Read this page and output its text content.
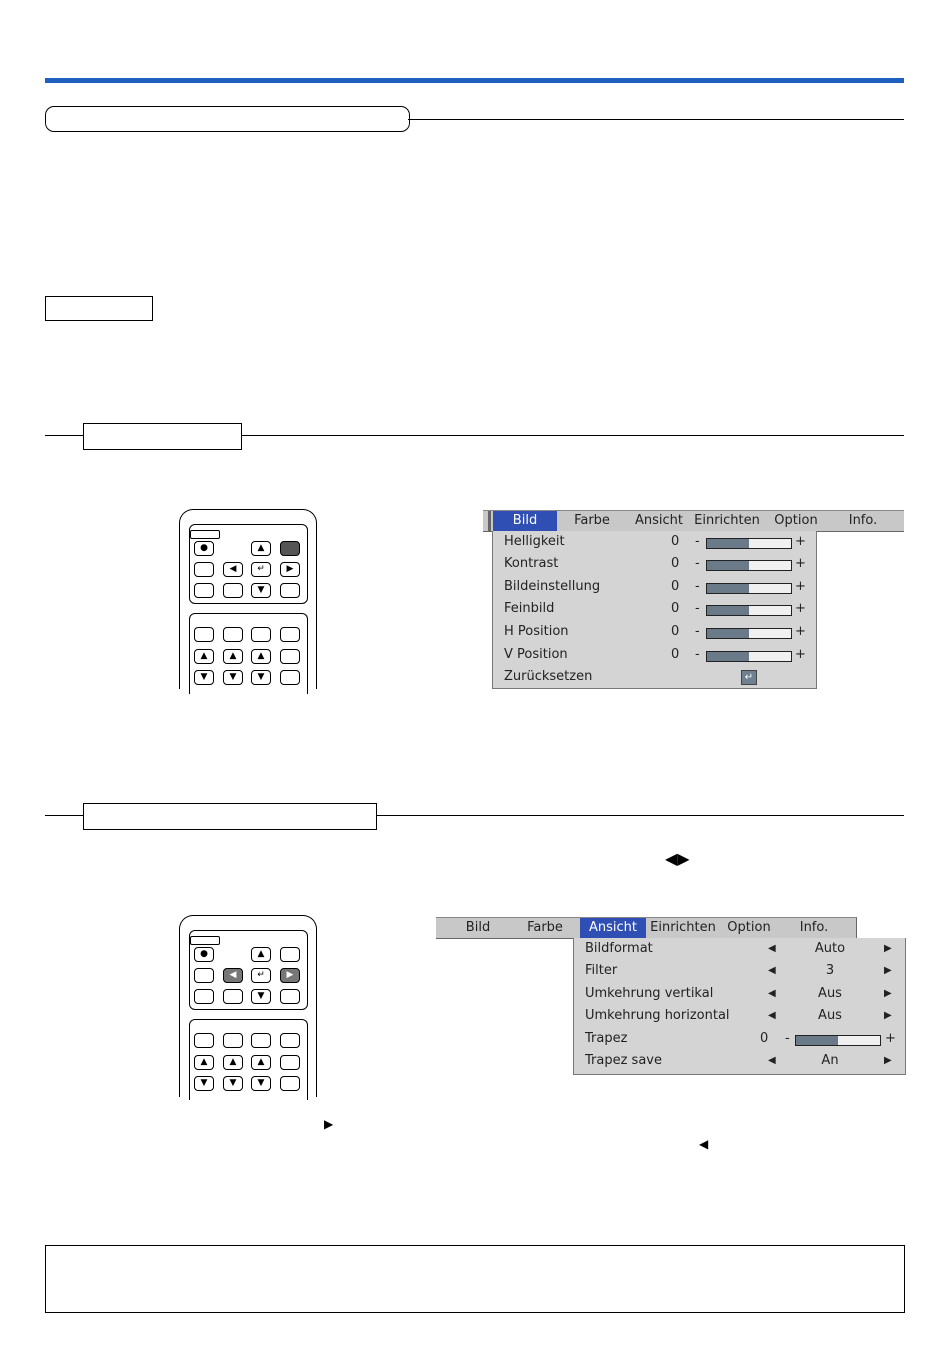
●	▲
◀	↵	▶
▼
▲	▲	▲
▼	▼	▼
Bild	Farbe	Ansicht Einrichten	Option	Info.
Helligkeit	0 -	+
Kontrast	0 -	+
Bildeinstellung	0 -	+
Feinbild	0 -	+
H Position	0 -	+
V Position	0 -	+
Zurücksetzen	↵
◀▶
●	▲
◀	↵	▶
▼
▲	▲	▲
▼	▼	▼
Bild	Farbe	Ansicht	Einrichten Option	Info.
Bildformat	◀	Auto	▶
Filter	◀	3	▶
Umkehrung vertikal	◀	Aus	▶
Umkehrung horizontal	◀	Aus	▶
Trapez	0 -	+
Trapez save	◀	An	▶
▶
◀
